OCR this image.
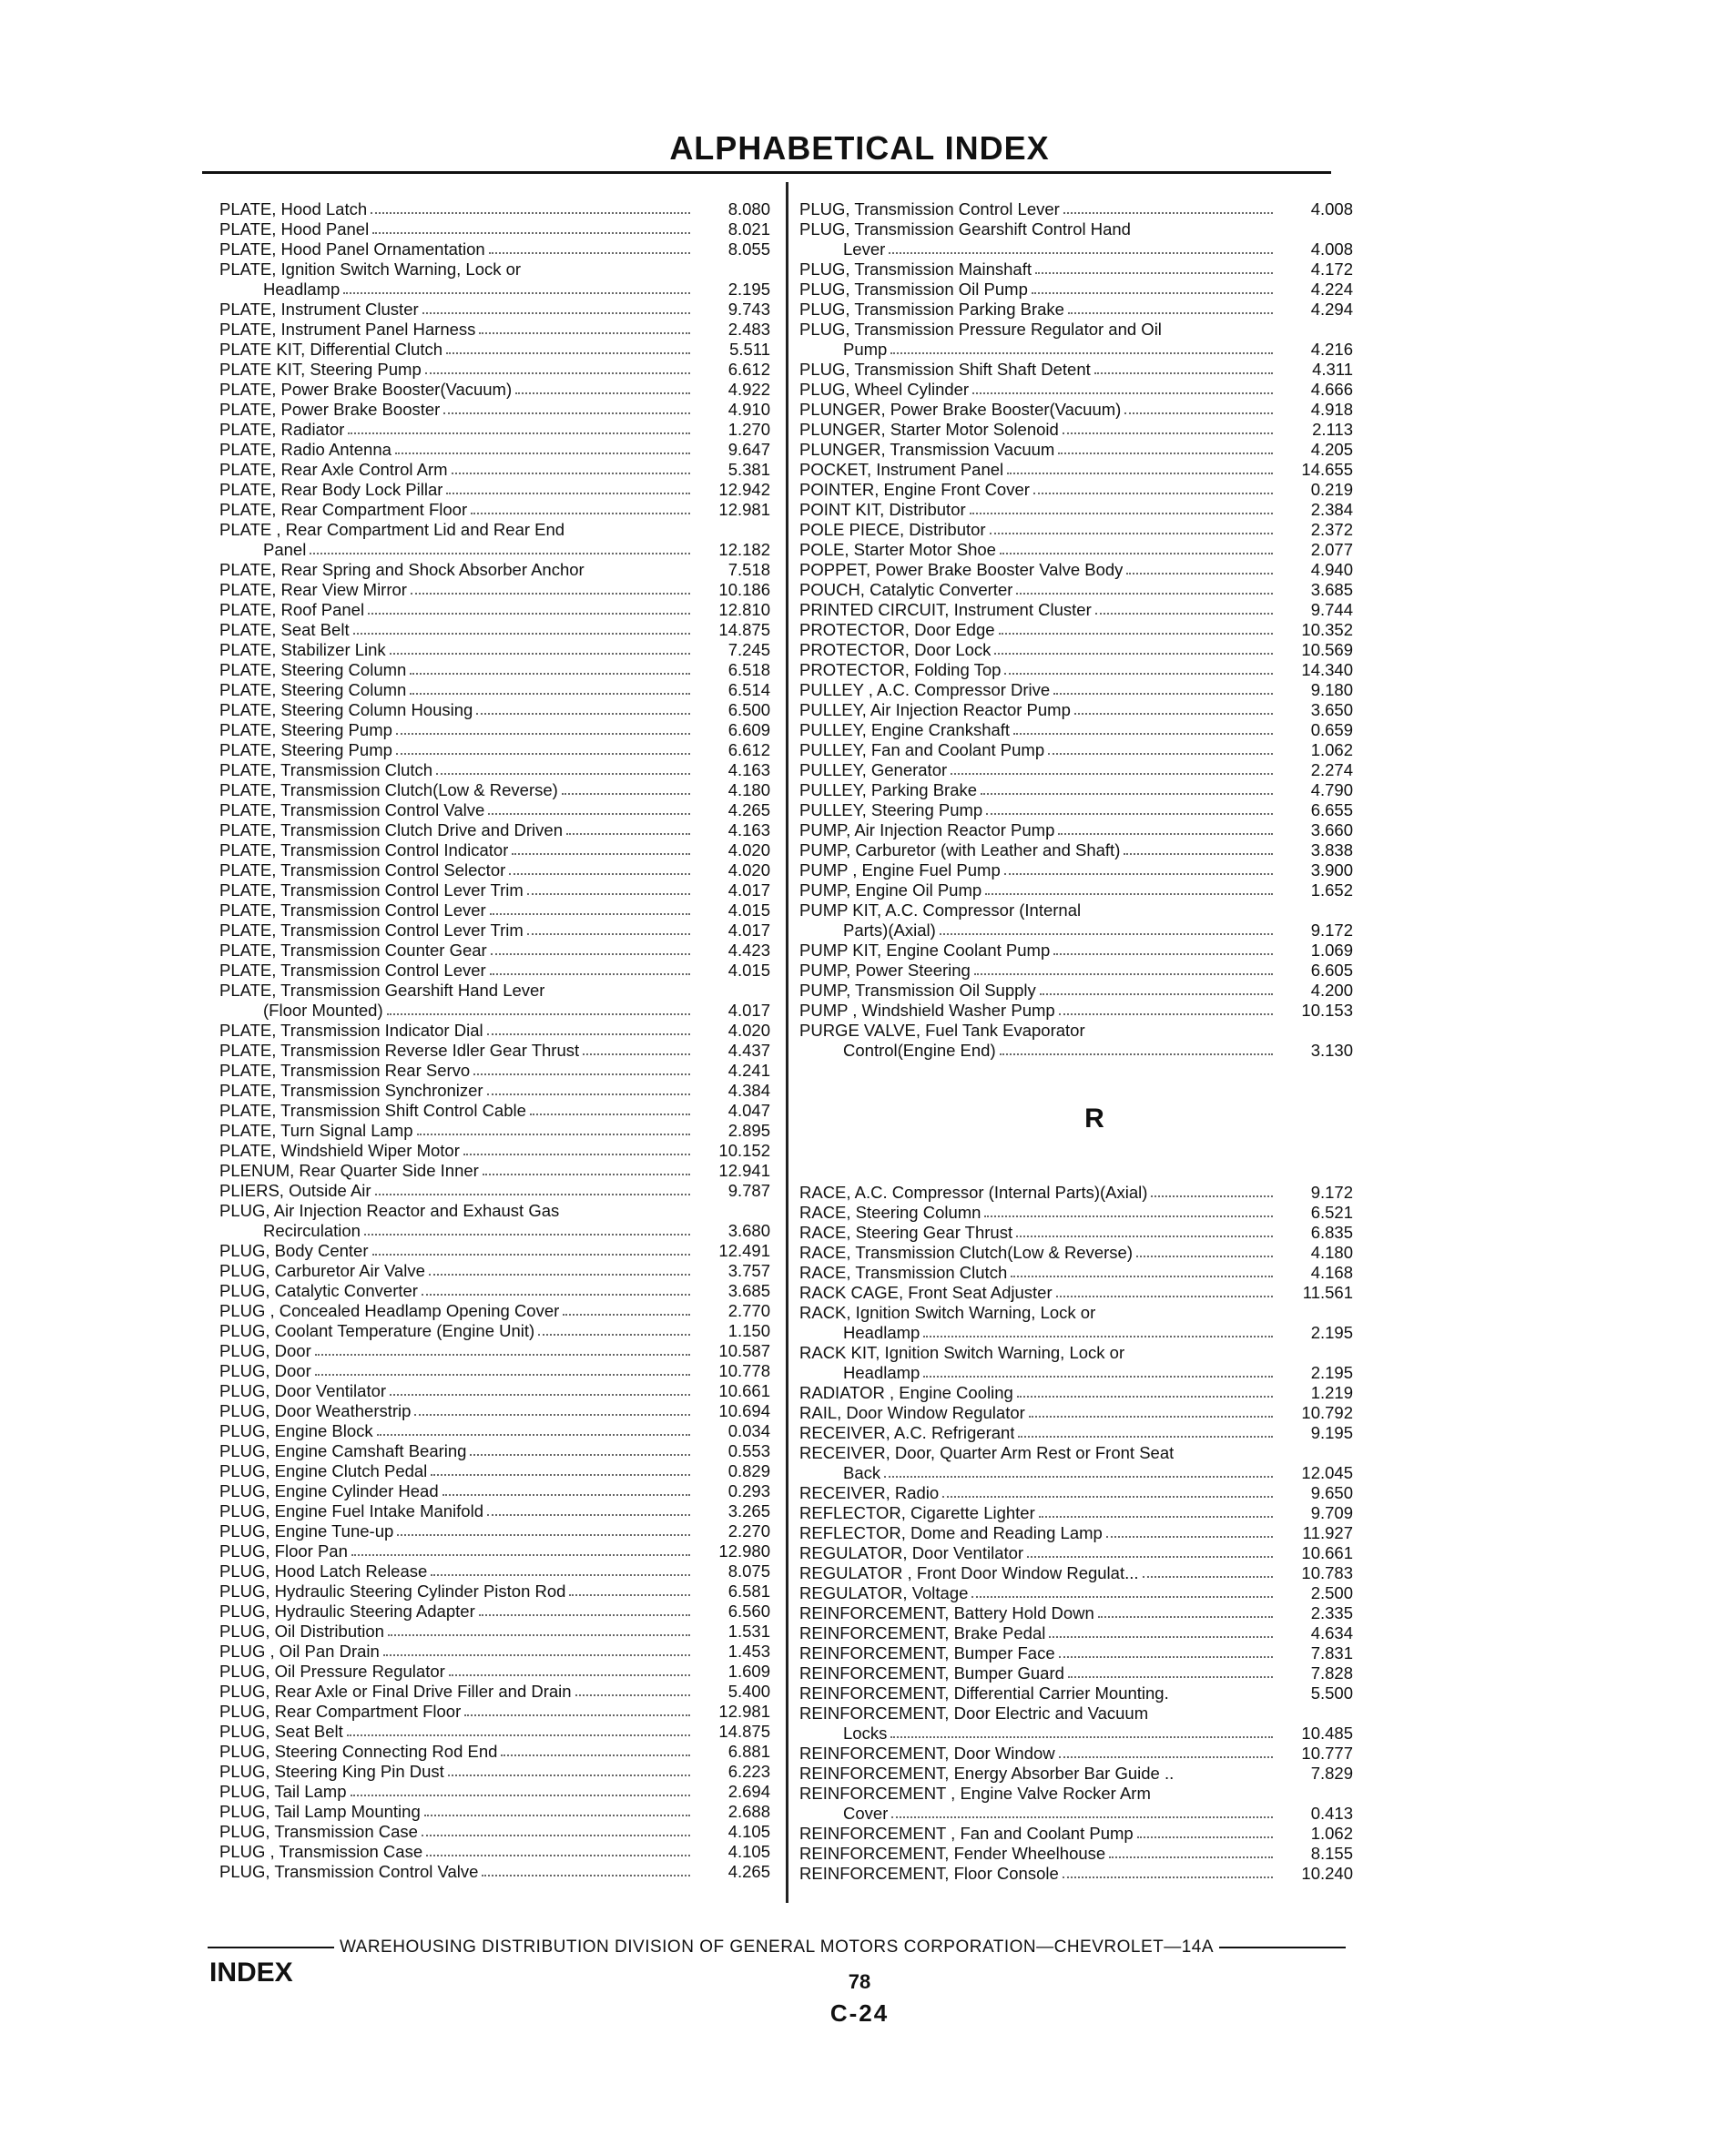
ALPHABETICAL INDEX
PLATE, Hood Latch	8.080
PLATE, Hood Panel	8.021
PLATE, Hood Panel Ornamentation	8.055
PLATE, Ignition Switch Warning, Lock or
Headlamp	2.195
PLATE, Instrument Cluster	9.743
PLATE, Instrument Panel Harness	2.483
PLATE KIT, Differential Clutch	5.511
PLATE KIT, Steering Pump	6.612
PLATE, Power Brake Booster(Vacuum)	4.922
PLATE, Power Brake Booster	4.910
PLATE, Radiator	1.270
PLATE, Radio Antenna	9.647
PLATE, Rear Axle Control Arm	5.381
PLATE, Rear Body Lock Pillar	12.942
PLATE, Rear Compartment Floor	12.981
PLATE , Rear Compartment Lid and Rear End
Panel	12.182
PLATE, Rear Spring and Shock Absorber Anchor	7.518
PLATE, Rear View Mirror	10.186
PLATE, Roof Panel	12.810
PLATE, Seat Belt	14.875
PLATE, Stabilizer Link	7.245
PLATE, Steering Column	6.518
PLATE, Steering Column	6.514
PLATE, Steering Column Housing	6.500
PLATE, Steering Pump	6.609
PLATE, Steering Pump	6.612
PLATE, Transmission Clutch	4.163
PLATE, Transmission Clutch(Low & Reverse)	4.180
PLATE, Transmission Control Valve	4.265
PLATE, Transmission Clutch Drive and Driven	4.163
PLATE, Transmission Control Indicator	4.020
PLATE, Transmission Control Selector	4.020
PLATE, Transmission Control Lever Trim	4.017
PLATE, Transmission Control Lever	4.015
PLATE, Transmission Control Lever Trim	4.017
PLATE, Transmission Counter Gear	4.423
PLATE, Transmission Control Lever	4.015
PLATE, Transmission Gearshift Hand Lever
(Floor Mounted)	4.017
PLATE, Transmission Indicator Dial	4.020
PLATE, Transmission Reverse Idler Gear Thrust	4.437
PLATE, Transmission Rear Servo	4.241
PLATE, Transmission Synchronizer	4.384
PLATE, Transmission Shift Control Cable	4.047
PLATE, Turn Signal Lamp	2.895
PLATE, Windshield Wiper Motor	10.152
PLENUM, Rear Quarter Side Inner	12.941
PLIERS, Outside Air	9.787
PLUG, Air Injection Reactor and Exhaust Gas
Recirculation	3.680
PLUG, Body Center	12.491
PLUG, Carburetor Air Valve	3.757
PLUG, Catalytic Converter	3.685
PLUG , Concealed Headlamp Opening Cover	2.770
PLUG, Coolant Temperature (Engine Unit)	1.150
PLUG, Door	10.587
PLUG, Door	10.778
PLUG, Door Ventilator	10.661
PLUG, Door Weatherstrip	10.694
PLUG, Engine Block	0.034
PLUG, Engine Camshaft Bearing	0.553
PLUG, Engine Clutch Pedal	0.829
PLUG, Engine Cylinder Head	0.293
PLUG, Engine Fuel Intake Manifold	3.265
PLUG, Engine Tune-up	2.270
PLUG, Floor Pan	12.980
PLUG, Hood Latch Release	8.075
PLUG, Hydraulic Steering Cylinder Piston Rod	6.581
PLUG, Hydraulic Steering Adapter	6.560
PLUG, Oil Distribution	1.531
PLUG , Oil Pan Drain	1.453
PLUG, Oil Pressure Regulator	1.609
PLUG, Rear Axle or Final Drive Filler and Drain	5.400
PLUG, Rear Compartment Floor	12.981
PLUG, Seat Belt	14.875
PLUG, Steering Connecting Rod End	6.881
PLUG, Steering King Pin Dust	6.223
PLUG, Tail Lamp	2.694
PLUG, Tail Lamp Mounting	2.688
PLUG, Transmission Case	4.105
PLUG , Transmission Case	4.105
PLUG, Transmission Control Valve	4.265
PLUG, Transmission Control Lever	4.008
PLUG, Transmission Gearshift Control Hand
Lever	4.008
PLUG, Transmission Mainshaft	4.172
PLUG, Transmission Oil Pump	4.224
PLUG, Transmission Parking Brake	4.294
PLUG, Transmission Pressure Regulator and Oil
Pump	4.216
PLUG, Transmission Shift Shaft Detent	4.311
PLUG, Wheel Cylinder	4.666
PLUNGER, Power Brake Booster(Vacuum)	4.918
PLUNGER, Starter Motor Solenoid	2.113
PLUNGER, Transmission Vacuum	4.205
POCKET, Instrument Panel	14.655
POINTER, Engine Front Cover	0.219
POINT KIT, Distributor	2.384
POLE PIECE, Distributor	2.372
POLE, Starter Motor Shoe	2.077
POPPET, Power Brake Booster Valve Body	4.940
POUCH, Catalytic Converter	3.685
PRINTED CIRCUIT, Instrument Cluster	9.744
PROTECTOR, Door Edge	10.352
PROTECTOR, Door Lock	10.569
PROTECTOR, Folding Top	14.340
PULLEY , A.C. Compressor Drive	9.180
PULLEY, Air Injection Reactor Pump	3.650
PULLEY, Engine Crankshaft	0.659
PULLEY, Fan and Coolant Pump	1.062
PULLEY, Generator	2.274
PULLEY, Parking Brake	4.790
PULLEY, Steering Pump	6.655
PUMP, Air Injection Reactor Pump	3.660
PUMP, Carburetor (with Leather and Shaft)	3.838
PUMP , Engine Fuel Pump	3.900
PUMP, Engine Oil Pump	1.652
PUMP KIT, A.C. Compressor (Internal
Parts)(Axial)	9.172
PUMP KIT, Engine Coolant Pump	1.069
PUMP, Power Steering	6.605
PUMP, Transmission Oil Supply	4.200
PUMP , Windshield Washer Pump	10.153
PURGE VALVE, Fuel Tank Evaporator
Control(Engine End)	3.130
R
RACE, A.C. Compressor (Internal Parts)(Axial)	9.172
RACE, Steering Column	6.521
RACE, Steering Gear Thrust	6.835
RACE, Transmission Clutch(Low & Reverse)	4.180
RACE, Transmission Clutch	4.168
RACK CAGE, Front Seat Adjuster	11.561
RACK, Ignition Switch Warning, Lock or
Headlamp	2.195
RACK KIT, Ignition Switch Warning, Lock or
Headlamp	2.195
RADIATOR , Engine Cooling	1.219
RAIL, Door Window Regulator	10.792
RECEIVER, A.C. Refrigerant	9.195
RECEIVER, Door, Quarter Arm Rest or Front Seat
Back	12.045
RECEIVER, Radio	9.650
REFLECTOR, Cigarette Lighter	9.709
REFLECTOR, Dome and Reading Lamp	11.927
REGULATOR, Door Ventilator	10.661
REGULATOR , Front Door Window Regulat...	10.783
REGULATOR, Voltage	2.500
REINFORCEMENT, Battery Hold Down	2.335
REINFORCEMENT, Brake Pedal	4.634
REINFORCEMENT, Bumper Face	7.831
REINFORCEMENT, Bumper Guard	7.828
REINFORCEMENT, Differential Carrier Mounting.	5.500
REINFORCEMENT, Door Electric and Vacuum
Locks	10.485
REINFORCEMENT, Door Window	10.777
REINFORCEMENT, Energy Absorber Bar Guide ..	7.829
REINFORCEMENT , Engine Valve Rocker Arm
Cover	0.413
REINFORCEMENT , Fan and Coolant Pump	1.062
REINFORCEMENT, Fender Wheelhouse	8.155
REINFORCEMENT, Floor Console	10.240
WAREHOUSING DISTRIBUTION DIVISION OF GENERAL MOTORS CORPORATION—CHEVROLET—14A
INDEX	78
C-24
